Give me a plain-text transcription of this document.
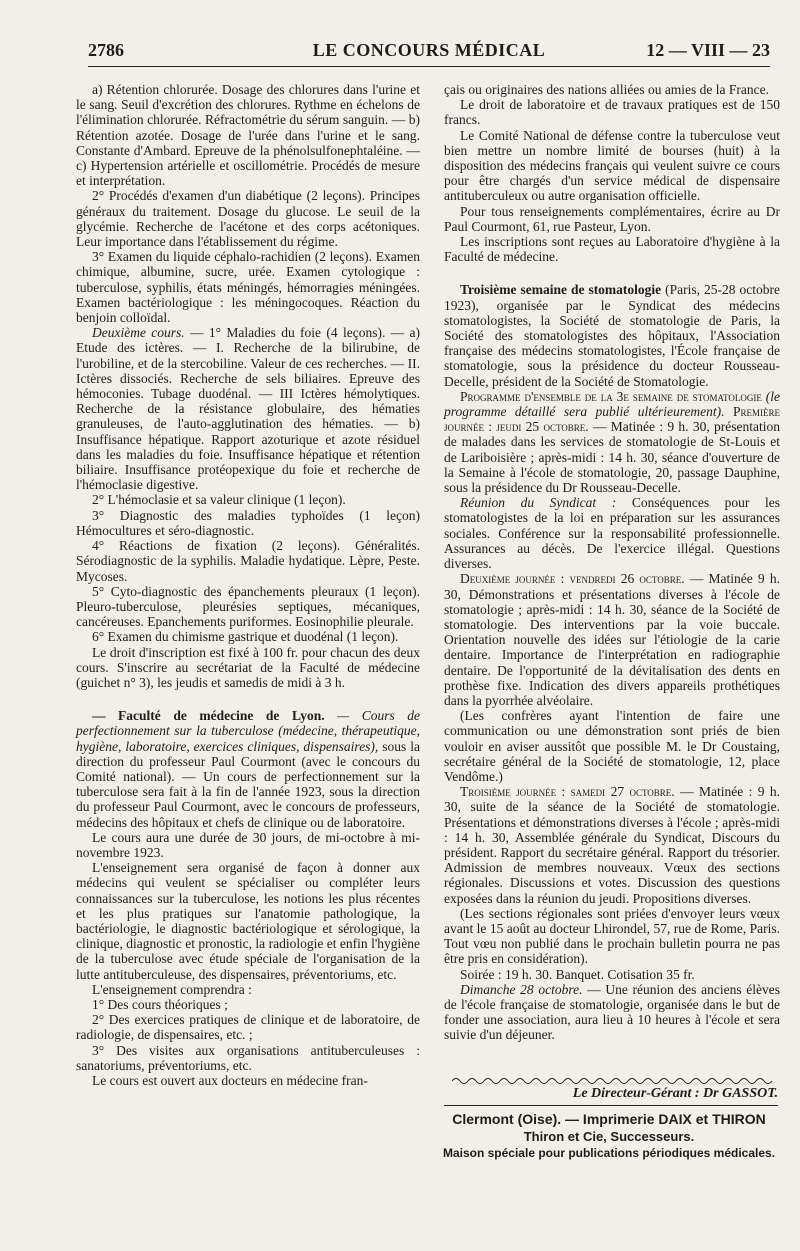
2786	LE CONCOURS MÉDICAL	12 — VIII — 23

a) Rétention chlorurée. Dosage des chlorures dans l'urine et le sang. Seuil d'excrétion des chlorures. Rythme en échelons de l'élimination chlorurée. Réfractométrie du sérum sanguin. — b) Rétention azotée. Dosage de l'urée dans l'urine et le sang. Constante d'Ambard. Epreuve de la phénolsulfonephtaléine. — c) Hypertension artérielle et oscillométrie. Procédés de mesure et interprétation.

2° Procédés d'examen d'un diabétique (2 leçons). Principes généraux du traitement. Dosage du glucose. Le seuil de la glycémie. Recherche de l'acétone et des corps acétoniques. Leur importance dans l'établissement du régime.

3° Examen du liquide céphalo-rachidien (2 leçons). Examen chimique, albumine, sucre, urée. Examen cytologique : tuberculose, syphilis, états méningés, hémorragies méningées. Examen bactériologique : les méningocoques. Réaction du benjoin colloïdal.

Deuxième cours. — 1° Maladies du foie (4 leçons). — a) Etude des ictères. — I. Recherche de la bilirubine, de l'urobiline, et de la stercobiline. Valeur de ces recherches. — II. Ictères dissociés. Recherche de sels biliaires. Epreuve des hémoconies. Tubage duodénal. — III Ictères hémolytiques. Recherche de la résistance globulaire, des hématies granuleuses, de l'auto-agglutination des hématies. — b) Insuffisance hépatique. Rapport azoturique et azote résiduel dans les maladies du foie. Insuffisance hépatique et rétention biliaire. Insuffisance protéopexique du foie et recherche de l'hémoclasie digestive.

2° L'hémoclasie et sa valeur clinique (1 leçon).

3° Diagnostic des maladies typhoïdes (1 leçon) Hémocultures et séro-diagnostic.

4° Réactions de fixation (2 leçons). Généralités. Sérodiagnostic de la syphilis. Maladie hydatique. Lèpre, Peste. Mycoses.

5° Cyto-diagnostic des épanchements pleuraux (1 leçon). Pleuro-tuberculose, pleurésies septiques, mécaniques, cancéreuses. Epanchements puriformes. Eosinophilie pleurale.

6° Examen du chimisme gastrique et duodénal (1 leçon).

Le droit d'inscription est fixé à 100 fr. pour chacun des deux cours. S'inscrire au secrétariat de la Faculté de médecine (guichet n° 3), les jeudis et samedis de midi à 3 h.

— Faculté de médecine de Lyon. — Cours de perfectionnement sur la tuberculose (médecine, thérapeutique, hygiène, laboratoire, exercices cliniques, dispensaires), sous la direction du professeur Paul Courmont (avec le concours du Comité national). — Un cours de perfectionnement sur la tuberculose sera fait à la fin de l'année 1923, sous la direction du professeur Paul Courmont, avec le concours de professeurs, médecins des hôpitaux et chefs de clinique ou de laboratoire.

Le cours aura une durée de 30 jours, de mi-octobre à mi-novembre 1923.

L'enseignement sera organisé de façon à donner aux médecins qui veulent se spécialiser ou compléter leurs connaissances sur la tuberculose, les notions les plus récentes et les plus pratiques sur l'anatomie pathologique, la bactériologie, le diagnostic bactériologique et sérologique, la clinique, diagnostic et pronostic, la radiologie et enfin l'hygiène de la tuberculose avec étude spéciale de l'organisation de la lutte antituberculeuse, des dispensaires, préventoriums, etc.

L'enseignement comprendra :

1° Des cours théoriques ;

2° Des exercices pratiques de clinique et de laboratoire, de radiologie, de dispensaires, etc. ;

3° Des visites aux organisations antituberculeuses : sanatoriums, préventoriums, etc.

Le cours est ouvert aux docteurs en médecine fran-

çais ou originaires des nations alliées ou amies de la France.

Le droit de laboratoire et de travaux pratiques est de 150 francs.

Le Comité National de défense contre la tuberculose veut bien mettre un nombre limité de bourses (huit) à la disposition des médecins français qui veulent suivre ce cours pour être chargés d'un service médical de dispensaire antituberculeux ou autre organisation officielle.

Pour tous renseignements complémentaires, écrire au Dr Paul Courmont, 61, rue Pasteur, Lyon.

Les inscriptions sont reçues au Laboratoire d'hygiène à la Faculté de médecine.

Troisième semaine de stomatologie (Paris, 25-28 octobre 1923), organisée par le Syndicat des médecins stomatologistes, la Société de stomatologie de Paris, la Société des stomatologistes des hôpitaux, l'Association française des médecins stomatologistes, l'École française de stomatologie, sous la présidence du docteur Rousseau-Decelle, président de la Société de Stomatologie.

Programme d'ensemble de la 3e semaine de stomatologie (le programme détaillé sera publié ultérieurement). Première journée : jeudi 25 octobre. — Matinée : 9 h. 30, présentation de malades dans les services de stomatologie de St-Louis et de Lariboisière ; après-midi : 14 h. 30, séance d'ouverture de la Semaine à l'école de stomatologie, 20, passage Dauphine, sous la présidence du Dr Rousseau-Decelle.

Réunion du Syndicat : Conséquences pour les stomatologistes de la loi en préparation sur les assurances sociales. Conférence sur la responsabilité professionnelle. Assurances au décès. De l'exercice illégal. Questions diverses.

Deuxième journée : vendredi 26 octobre. — Matinée 9 h. 30, Démonstrations et présentations diverses à l'école de stomatologie ; après-midi : 14 h. 30, séance de la Société de stomatologie. Des interventions par la voie buccale. Orientation nouvelle des idées sur l'étiologie de la carie dentaire. Importance de l'interprétation en radiographie dentaire. De l'opportunité de la dévitalisation des dents en prothèse fixe. Indication des divers appareils prothétiques dans la pyorrhée alvéolaire.

(Les confrères ayant l'intention de faire une communication ou une démonstration sont priés de bien vouloir en aviser aussitôt que possible M. le Dr Coustaing, secrétaire général de la Société de stomatologie, 12, place Vendôme.)

Troisième journée : samedi 27 octobre. — Matinée : 9 h. 30, suite de la séance de la Société de stomatologie. Présentations et démonstrations diverses à l'école ; après-midi : 14 h. 30, Assemblée générale du Syndicat, Discours du président. Rapport du secrétaire général. Rapport du trésorier. Admission de membres nouveaux. Vœux des sections régionales. Discussions et votes. Discussion des questions exposées dans la réunion du jeudi. Propositions diverses.

(Les sections régionales sont priées d'envoyer leurs vœux avant le 15 août au docteur Lhirondel, 57, rue de Rome, Paris. Tout vœu non publié dans le prochain bulletin pourra ne pas être pris en considération).

Soirée : 19 h. 30. Banquet. Cotisation 35 fr.

Dimanche 28 octobre. — Une réunion des anciens élèves de l'école française de stomatologie, organisée dans le but de fonder une association, aura lieu à 10 heures à l'école et sera suivie d'un déjeuner.

Le Directeur-Gérant : Dr GASSOT.
Clermont (Oise). — Imprimerie DAIX et THIRON
Thiron et Cie, Successeurs.
Maison spéciale pour publications périodiques médicales.
